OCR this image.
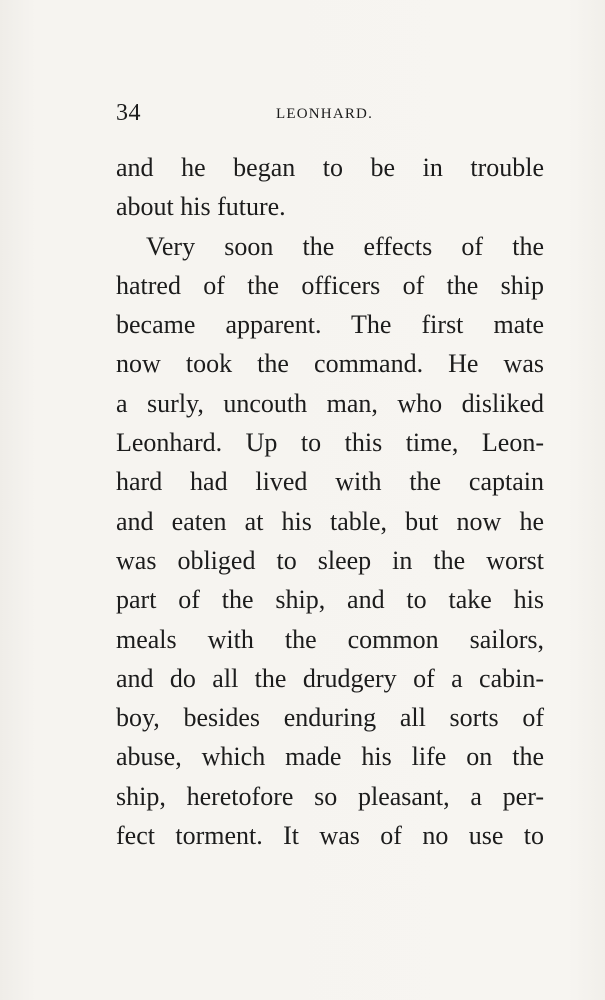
34	LEONHARD.
and he began to be in trouble
about his future.
Very soon the effects of the
hatred of the officers of the ship
became apparent. The first mate
now took the command. He was
a surly, uncouth man, who disliked
Leonhard. Up to this time, Leon-
hard had lived with the captain
and eaten at his table, but now he
was obliged to sleep in the worst
part of the ship, and to take his
meals with the common sailors,
and do all the drudgery of a cabin-
boy, besides enduring all sorts of
abuse, which made his life on the
ship, heretofore so pleasant, a per-
fect torment. It was of no use to
